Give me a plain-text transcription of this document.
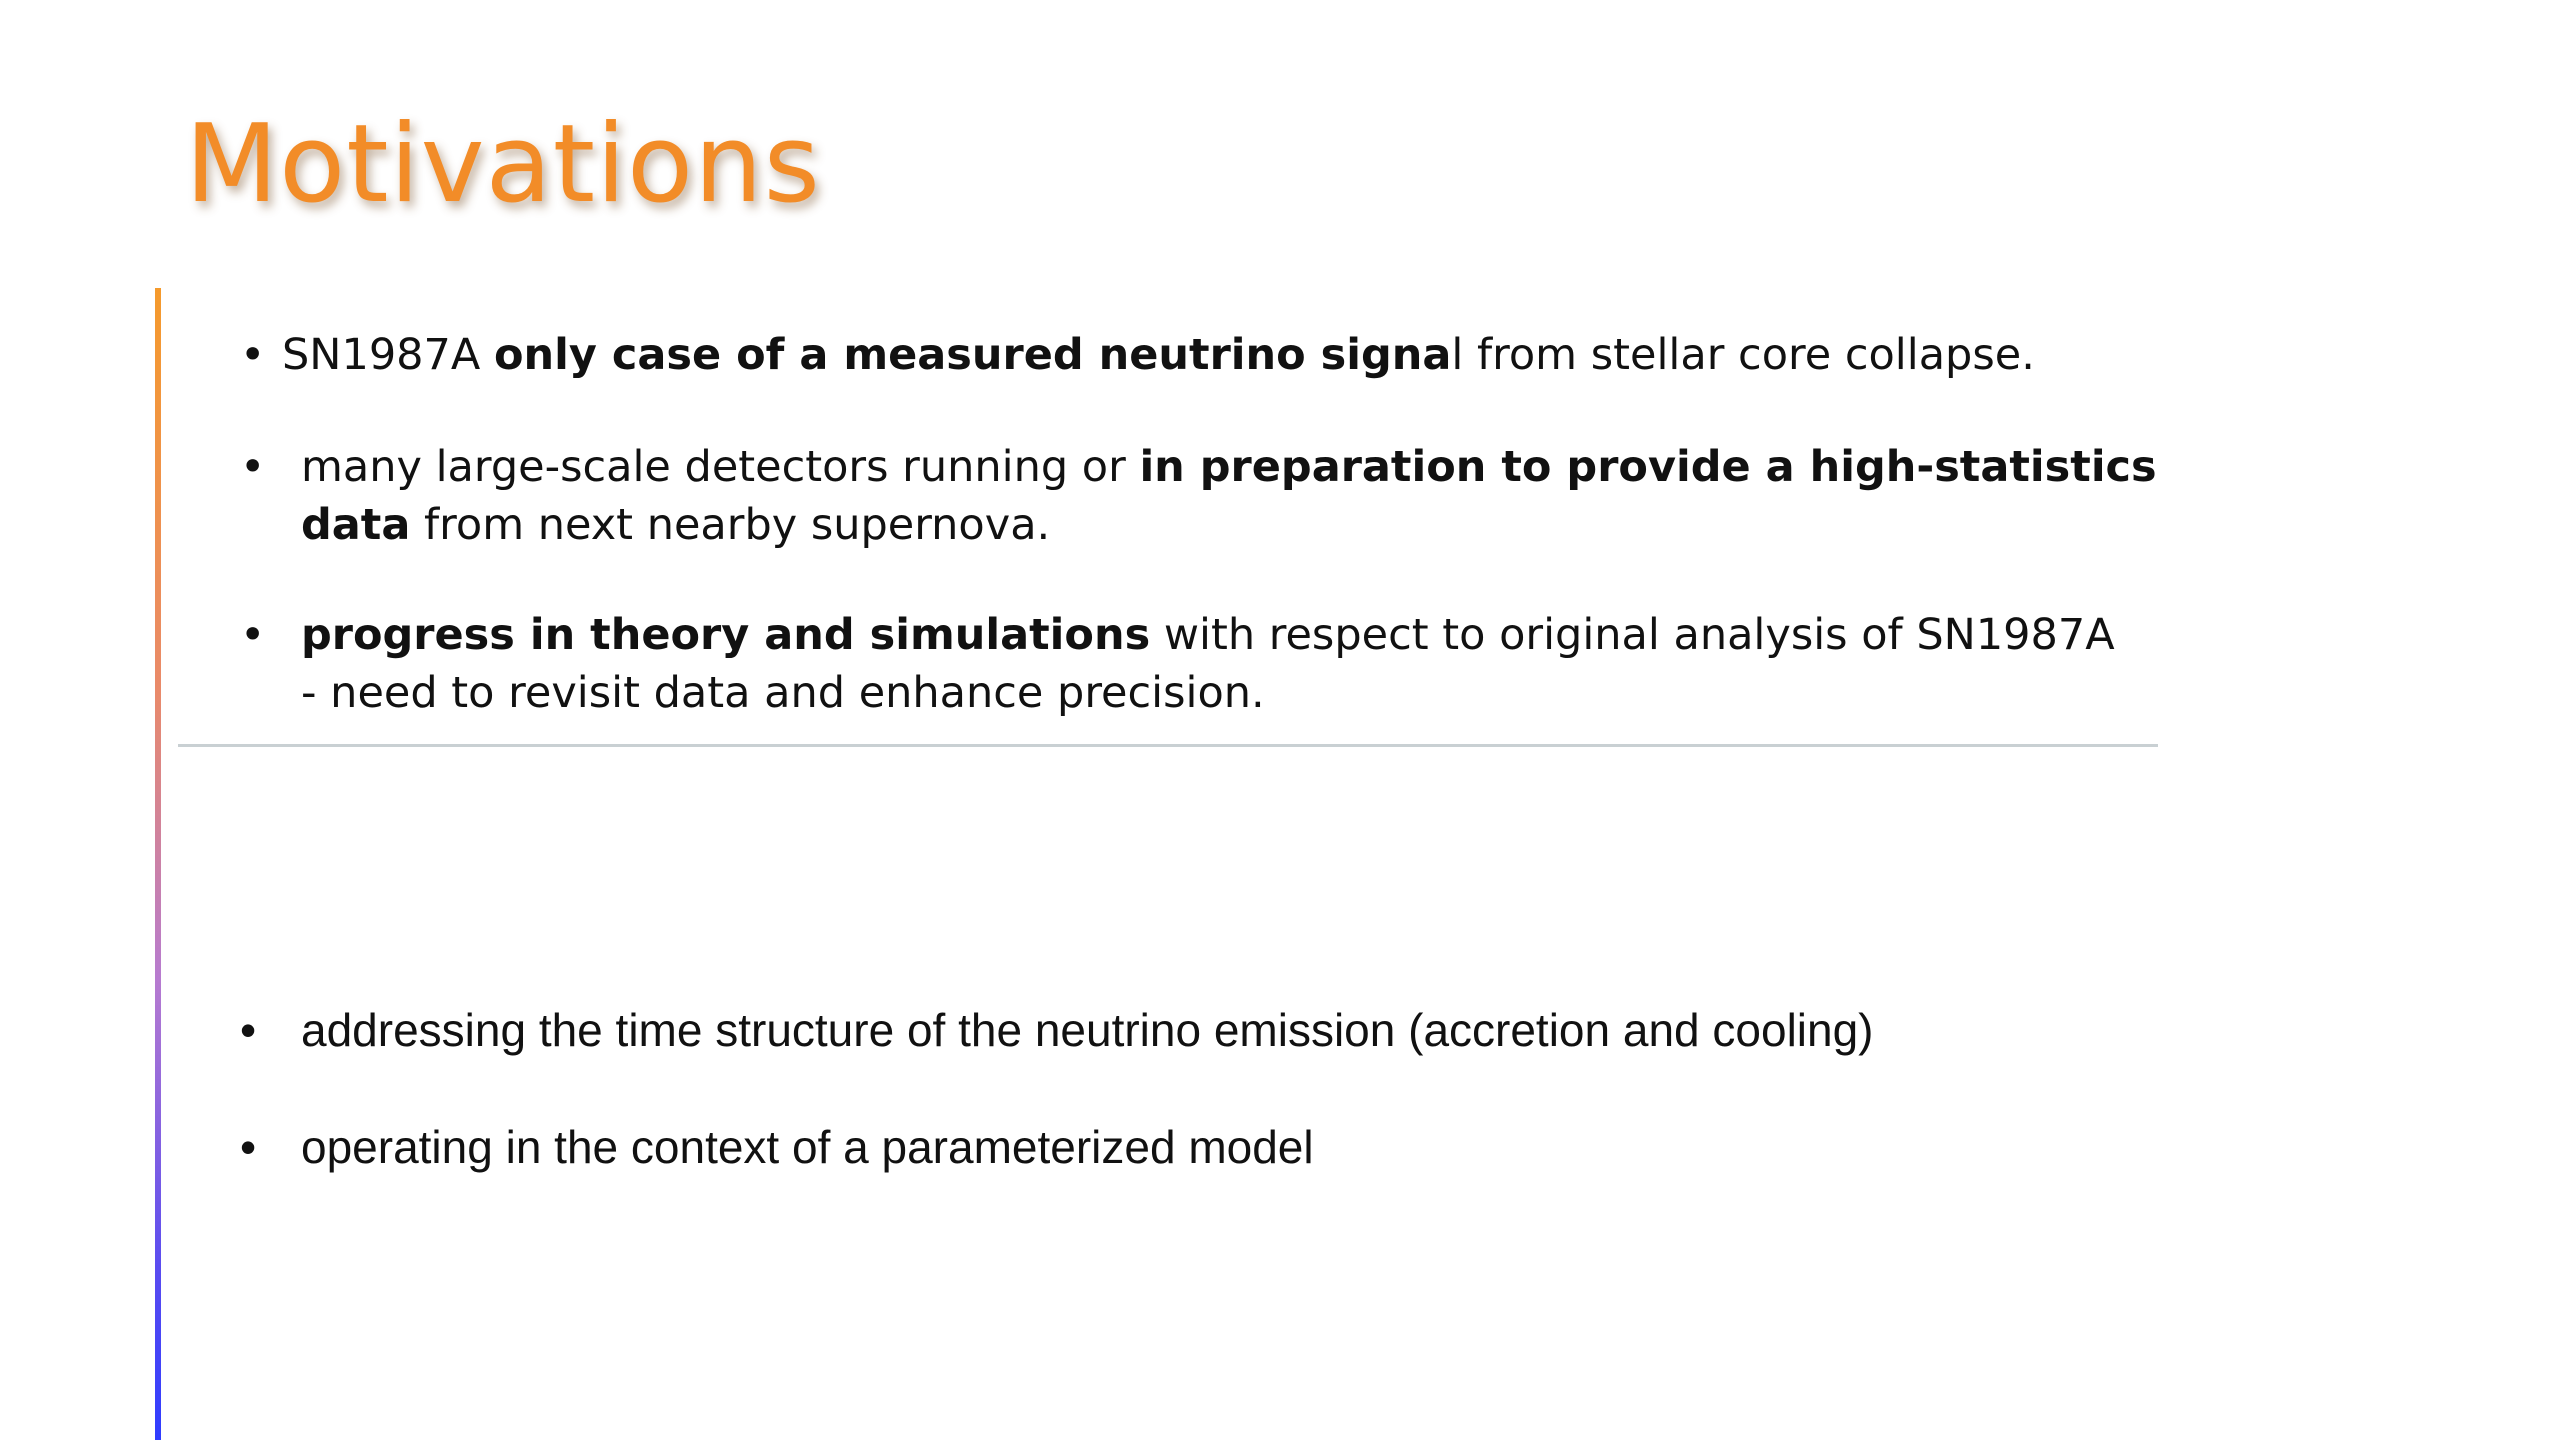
Motivations
• SN1987A only case of a measured neutrino signal from stellar core collapse.
• many large-scale detectors running or in preparation to provide a high-statistics
data from next nearby supernova.
• progress in theory and simulations with respect to original analysis of SN1987A
- need to revisit data and enhance precision.
• addressing the time structure of the neutrino emission (accretion and cooling)
• operating in the context of a parameterized model
